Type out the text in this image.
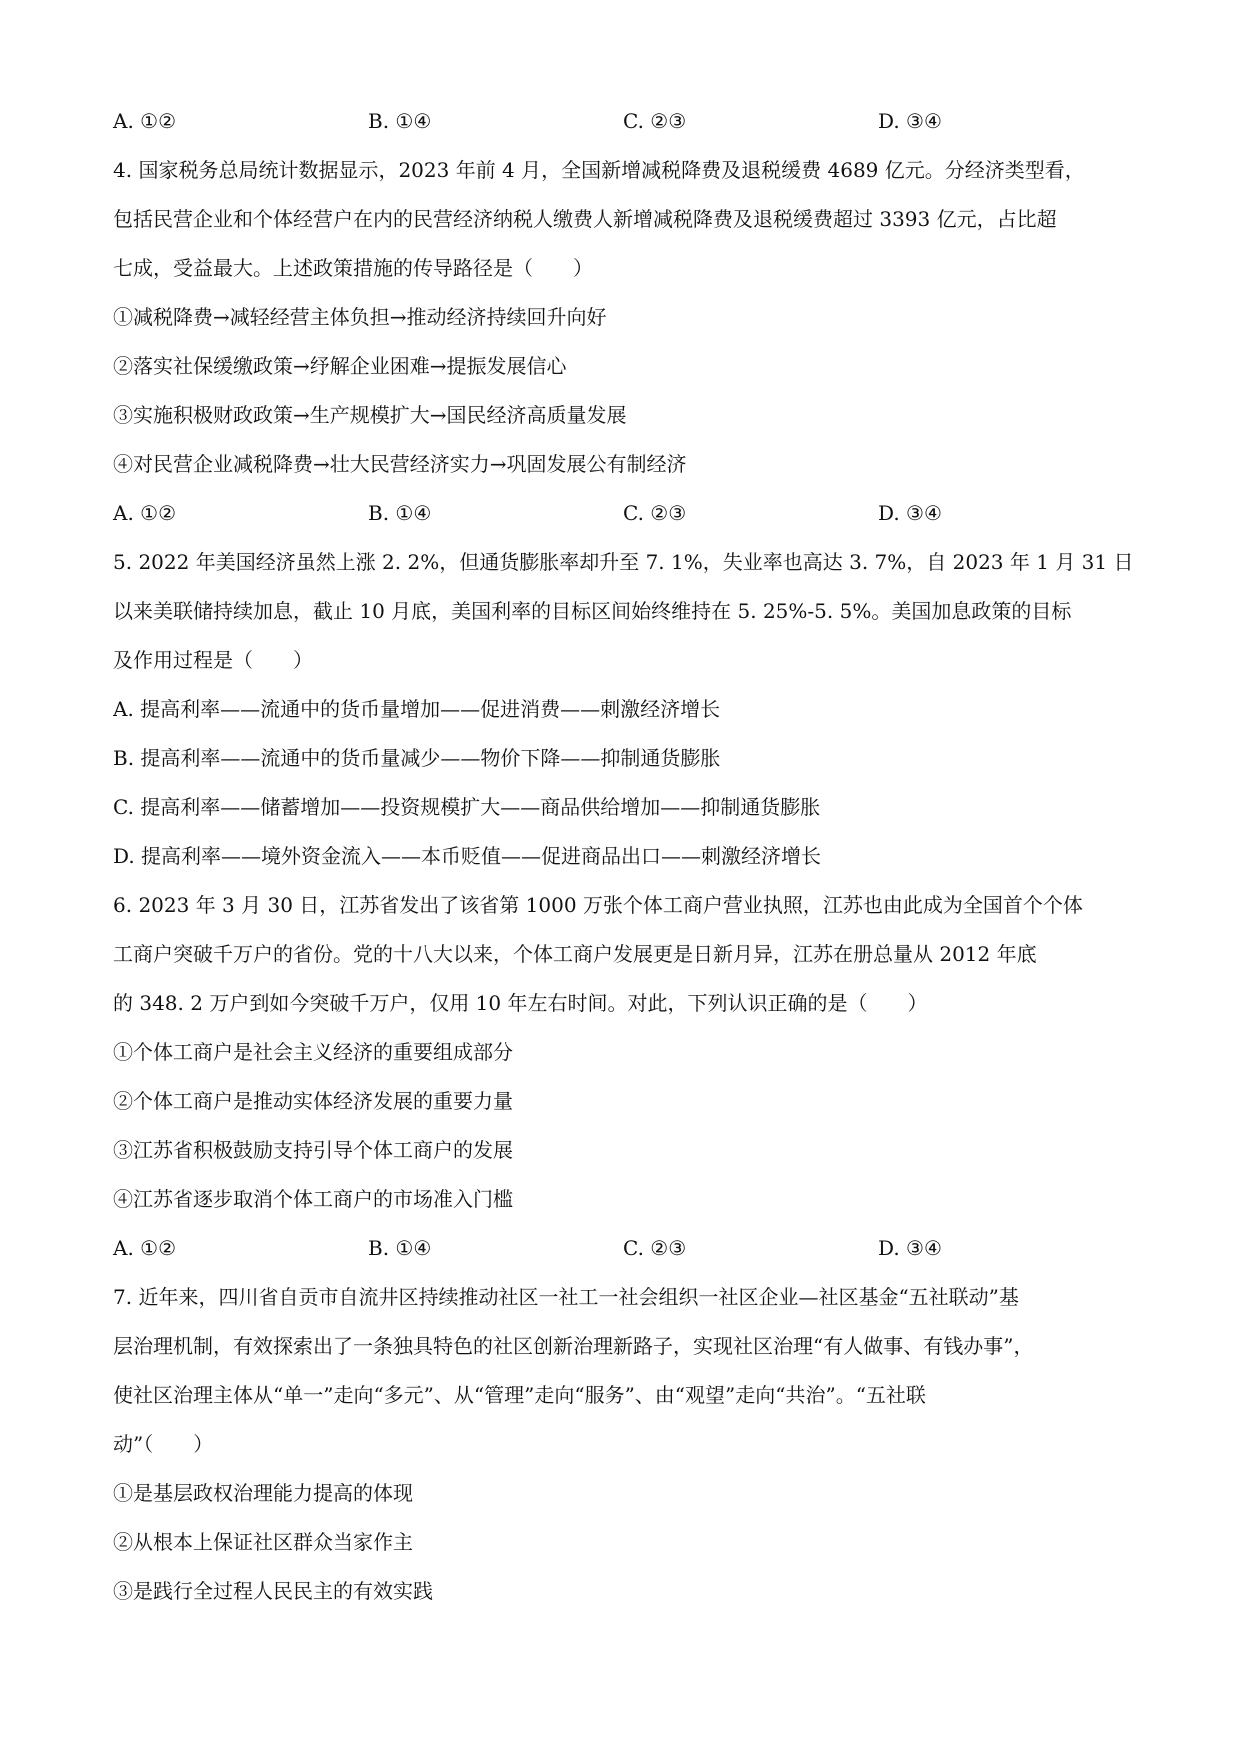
A. ①②	B. ①④	C. ②③	D. ③④
4. 国家税务总局统计数据显示，2023 年前 4 月，全国新增减税降费及退税缓费 4689 亿元。分经济类型看，
包括民营企业和个体经营户在内的民营经济纳税人缴费人新增减税降费及退税缓费超过 3393 亿元，占比超
七成，受益最大。上述政策措施的传导路径是（　　）
①减税降费→减轻经营主体负担→推动经济持续回升向好
②落实社保缓缴政策→纾解企业困难→提振发展信心
③实施积极财政政策→生产规模扩大→国民经济高质量发展
④对民营企业减税降费→壮大民营经济实力→巩固发展公有制经济
A. ①②	B. ①④	C. ②③	D. ③④
5. 2022 年美国经济虽然上涨 2. 2%，但通货膨胀率却升至 7. 1%，失业率也高达 3. 7%，自 2023 年 1 月 31 日
以来美联储持续加息，截止 10 月底，美国利率的目标区间始终维持在 5. 25%-5. 5%。美国加息政策的目标
及作用过程是（　　）
A. 提高利率——流通中的货币量增加——促进消费——刺激经济增长
B. 提高利率——流通中的货币量减少——物价下降——抑制通货膨胀
C. 提高利率——储蓄增加——投资规模扩大——商品供给增加——抑制通货膨胀
D. 提高利率——境外资金流入——本币贬值——促进商品出口——刺激经济增长
6. 2023 年 3 月 30 日，江苏省发出了该省第 1000 万张个体工商户营业执照，江苏也由此成为全国首个个体
工商户突破千万户的省份。党的十八大以来，个体工商户发展更是日新月异，江苏在册总量从 2012 年底
的 348. 2 万户到如今突破千万户，仅用 10 年左右时间。对此，下列认识正确的是（　　）
①个体工商户是社会主义经济的重要组成部分
②个体工商户是推动实体经济发展的重要力量
③江苏省积极鼓励支持引导个体工商户的发展
④江苏省逐步取消个体工商户的市场准入门槛
A. ①②	B. ①④	C. ②③	D. ③④
7. 近年来，四川省自贡市自流井区持续推动社区一社工一社会组织一社区企业—社区基金“五社联动”基
层治理机制，有效探索出了一条独具特色的社区创新治理新路子，实现社区治理“有人做事、有钱办事”，
使社区治理主体从“单一”走向“多元”、从“管理”走向“服务”、由“观望”走向“共治”。“五社联
动”（　　）
①是基层政权治理能力提高的体现
②从根本上保证社区群众当家作主
③是践行全过程人民民主的有效实践
